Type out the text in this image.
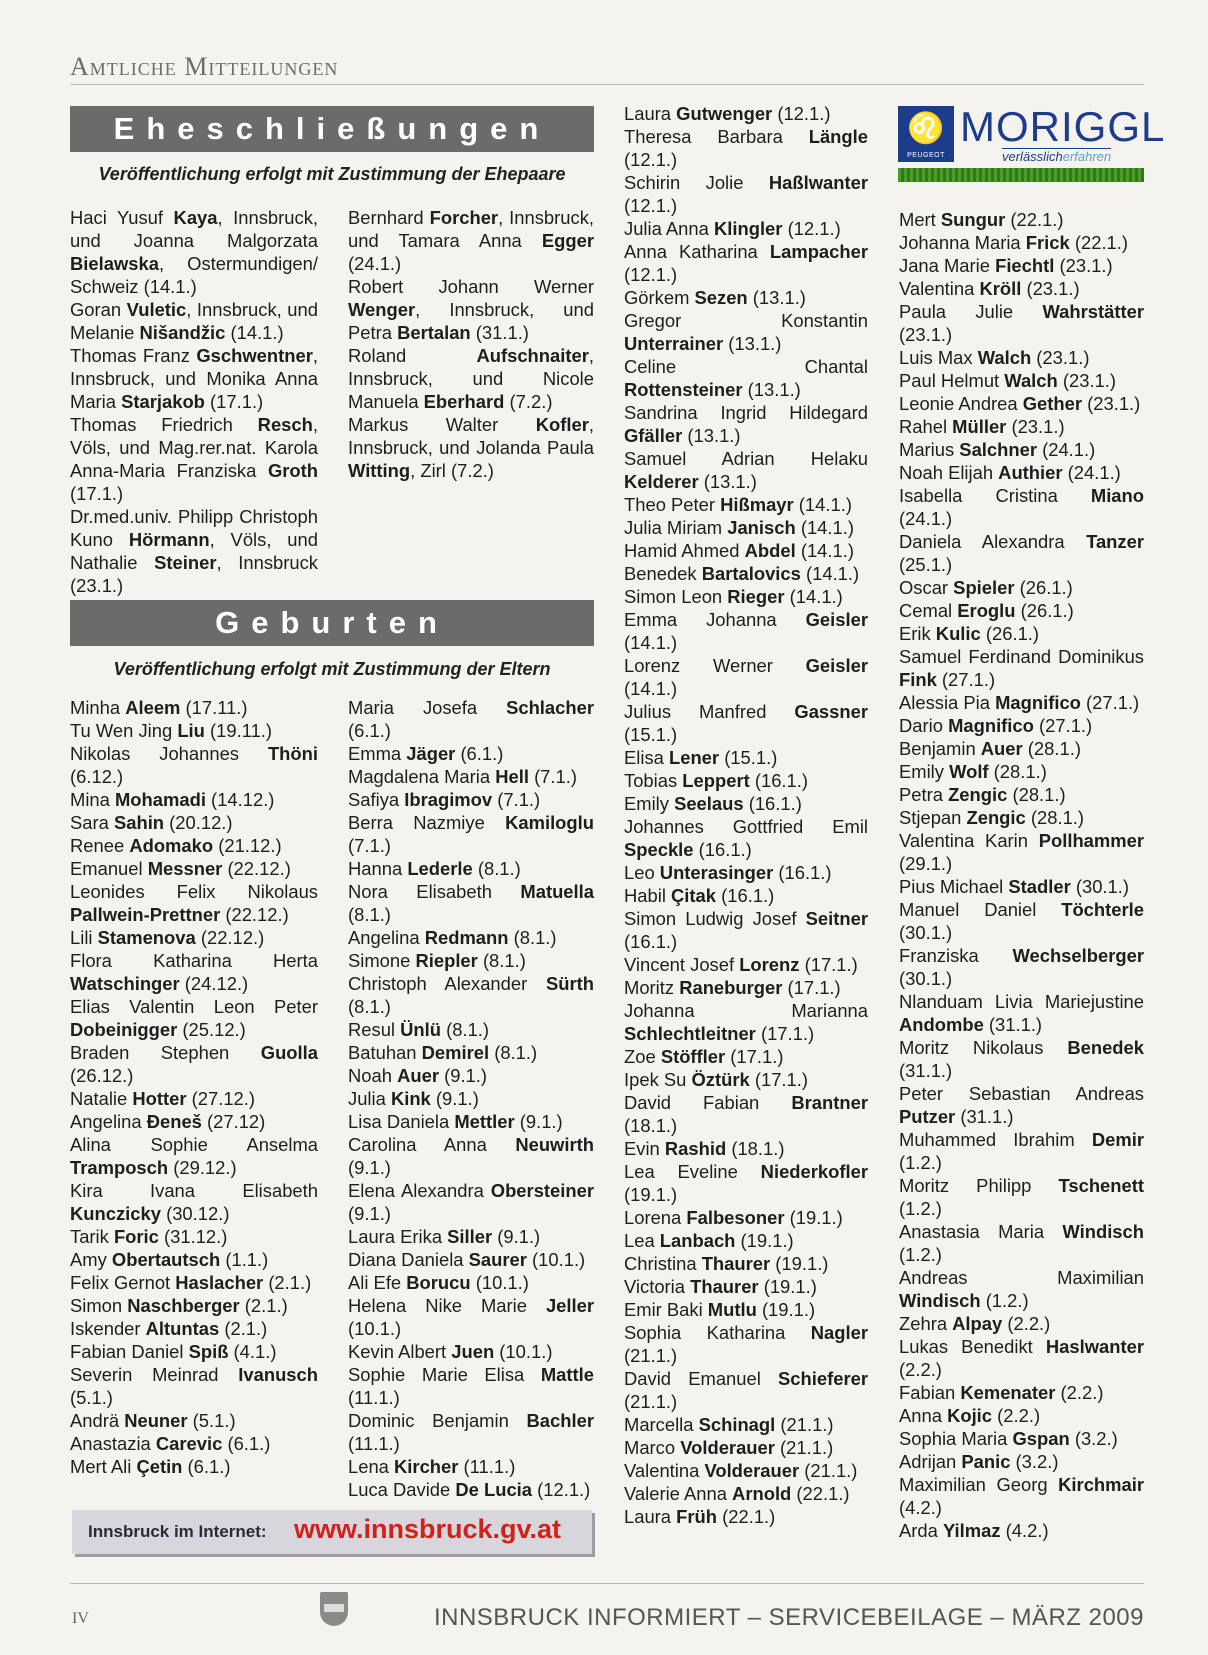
Amtliche Mitteilungen
Eheschließungen
Veröffentlichung erfolgt mit Zustimmung der Ehepaare

Haci Yusuf Kaya, Innsbruck, und Joanna Malgorzata Bielawska, Ostermundigen/ Schweiz (14.1.)

Goran Vuletic, Innsbruck, und Melanie Nišandžic (14.1.)

Thomas Franz Gschwentner, Innsbruck, und Monika Anna Maria Starjakob (17.1.)

Thomas Friedrich Resch, Völs, und Mag.rer.nat. Karola Anna-Maria Franziska Groth (17.1.)

Dr.med.univ. Philipp Christoph Kuno Hörmann, Völs, und Nathalie Steiner, Innsbruck (23.1.)

Bernhard Forcher, Innsbruck, und Tamara Anna Egger (24.1.)

Robert Johann Werner Wenger, Innsbruck, und Petra Bertalan (31.1.)

Roland Aufschnaiter, Innsbruck, und Nicole Manuela Eberhard (7.2.)

Markus Walter Kofler, Innsbruck, und Jolanda Paula Witting, Zirl (7.2.)

Geburten
Veröffentlichung erfolgt mit Zustimmung der Eltern

Minha Aleem (17.11.)

Tu Wen Jing Liu (19.11.)

Nikolas Johannes Thöni (6.12.)

Mina Mohamadi (14.12.)

Sara Sahin (20.12.)

Renee Adomako (21.12.)

Emanuel Messner (22.12.)

Leonides Felix Nikolaus Pallwein-Prettner (22.12.)

Lili Stamenova (22.12.)

Flora Katharina Herta Watschinger (24.12.)

Elias Valentin Leon Peter Dobeinigger (25.12.)

Braden Stephen Guolla (26.12.)

Natalie Hotter (27.12.)

Angelina Ðeneš (27.12)

Alina Sophie Anselma Tramposch (29.12.)

Kira Ivana Elisabeth Kunczicky (30.12.)

Tarik Foric (31.12.)

Amy Obertautsch (1.1.)

Felix Gernot Haslacher (2.1.)

Simon Naschberger (2.1.)

Iskender Altuntas (2.1.)

Fabian Daniel Spiß (4.1.)

Severin Meinrad Ivanusch (5.1.)

Andrä Neuner (5.1.)

Anastazia Carevic (6.1.)

Mert Ali Çetin (6.1.)

Maria Josefa Schlacher (6.1.)

Emma Jäger (6.1.)

Magdalena Maria Hell (7.1.)

Safiya Ibragimov (7.1.)

Berra Nazmiye Kamiloglu (7.1.)

Hanna Lederle (8.1.)

Nora Elisabeth Matuella (8.1.)

Angelina Redmann (8.1.)

Simone Riepler (8.1.)

Christoph Alexander Sürth (8.1.)

Resul Ünlü (8.1.)

Batuhan Demirel (8.1.)

Noah Auer (9.1.)

Julia Kink (9.1.)

Lisa Daniela Mettler (9.1.)

Carolina Anna Neuwirth (9.1.)

Elena Alexandra Obersteiner (9.1.)

Laura Erika Siller (9.1.)

Diana Daniela Saurer (10.1.)

Ali Efe Borucu (10.1.)

Helena Nike Marie Jeller (10.1.)

Kevin Albert Juen (10.1.)

Sophie Marie Elisa Mattle (11.1.)

Dominic Benjamin Bachler (11.1.)

Lena Kircher (11.1.)

Luca Davide De Lucia (12.1.)

Laura Gutwenger (12.1.)

Theresa Barbara Längle (12.1.)

Schirin Jolie Haßlwanter (12.1.)

Julia Anna Klingler (12.1.)

Anna Katharina Lampacher (12.1.)

Görkem Sezen (13.1.)

Gregor Konstantin Unterrainer (13.1.)

Celine Chantal Rottensteiner (13.1.)

Sandrina Ingrid Hildegard Gfäller (13.1.)

Samuel Adrian Helaku Kelderer (13.1.)

Theo Peter Hißmayr (14.1.)

Julia Miriam Janisch (14.1.)

Hamid Ahmed Abdel (14.1.)

Benedek Bartalovics (14.1.)

Simon Leon Rieger (14.1.)

Emma Johanna Geisler (14.1.)

Lorenz Werner Geisler (14.1.)

Julius Manfred Gassner (15.1.)

Elisa Lener (15.1.)

Tobias Leppert (16.1.)

Emily Seelaus (16.1.)

Johannes Gottfried Emil Speckle (16.1.)

Leo Unterasinger (16.1.)

Habil Çitak (16.1.)

Simon Ludwig Josef Seitner (16.1.)

Vincent Josef Lorenz (17.1.)

Moritz Raneburger (17.1.)

Johanna Marianna Schlechtleitner (17.1.)

Zoe Stöffler (17.1.)

Ipek Su Öztürk (17.1.)

David Fabian Brantner (18.1.)

Evin Rashid (18.1.)

Lea Eveline Niederkofler (19.1.)

Lorena Falbesoner (19.1.)

Lea Lanbach (19.1.)

Christina Thaurer (19.1.)

Victoria Thaurer (19.1.)

Emir Baki Mutlu (19.1.)

Sophia Katharina Nagler (21.1.)

David Emanuel Schieferer (21.1.)

Marcella Schinagl (21.1.)

Marco Volderauer (21.1.)

Valentina Volderauer (21.1.)

Valerie Anna Arnold (22.1.)

Laura Früh (22.1.)

Mert Sungur (22.1.)

Johanna Maria Frick (22.1.)

Jana Marie Fiechtl (23.1.)

Valentina Kröll (23.1.)

Paula Julie Wahrstätter (23.1.)

Luis Max Walch (23.1.)

Paul Helmut Walch (23.1.)

Leonie Andrea Gether (23.1.)

Rahel Müller (23.1.)

Marius Salchner (24.1.)

Noah Elijah Authier (24.1.)

Isabella Cristina Miano (24.1.)

Daniela Alexandra Tanzer (25.1.)

Oscar Spieler (26.1.)

Cemal Eroglu (26.1.)

Erik Kulic (26.1.)

Samuel Ferdinand Dominikus Fink (27.1.)

Alessia Pia Magnifico (27.1.)

Dario Magnifico (27.1.)

Benjamin Auer (28.1.)

Emily Wolf (28.1.)

Petra Zengic (28.1.)

Stjepan Zengic (28.1.)

Valentina Karin Pollhammer (29.1.)

Pius Michael Stadler (30.1.)

Manuel Daniel Töchterle (30.1.)

Franziska Wechselberger (30.1.)

Nlanduam Livia Mariejustine Andombe (31.1.)

Moritz Nikolaus Benedek (31.1.)

Peter Sebastian Andreas Putzer (31.1.)

Muhammed Ibrahim Demir (1.2.)

Moritz Philipp Tschenett (1.2.)

Anastasia Maria Windisch (1.2.)

Andreas Maximilian Windisch (1.2.)

Zehra Alpay (2.2.)

Lukas Benedikt Haslwanter (2.2.)

Fabian Kemenater (2.2.)

Anna Kojic (2.2.)

Sophia Maria Gspan (3.2.)

Adrijan Panic (3.2.)

Maximilian Georg Kirchmair (4.2.)

Arda Yilmaz (4.2.)

♌
PEUGEOT
MORIGGL
verlässlicherfahren
Innsbruck im Internet: www.innsbruck.gv.at
IV	INNSBRUCK INFORMIERT – SERVICEBEILAGE – MÄRZ 2009
